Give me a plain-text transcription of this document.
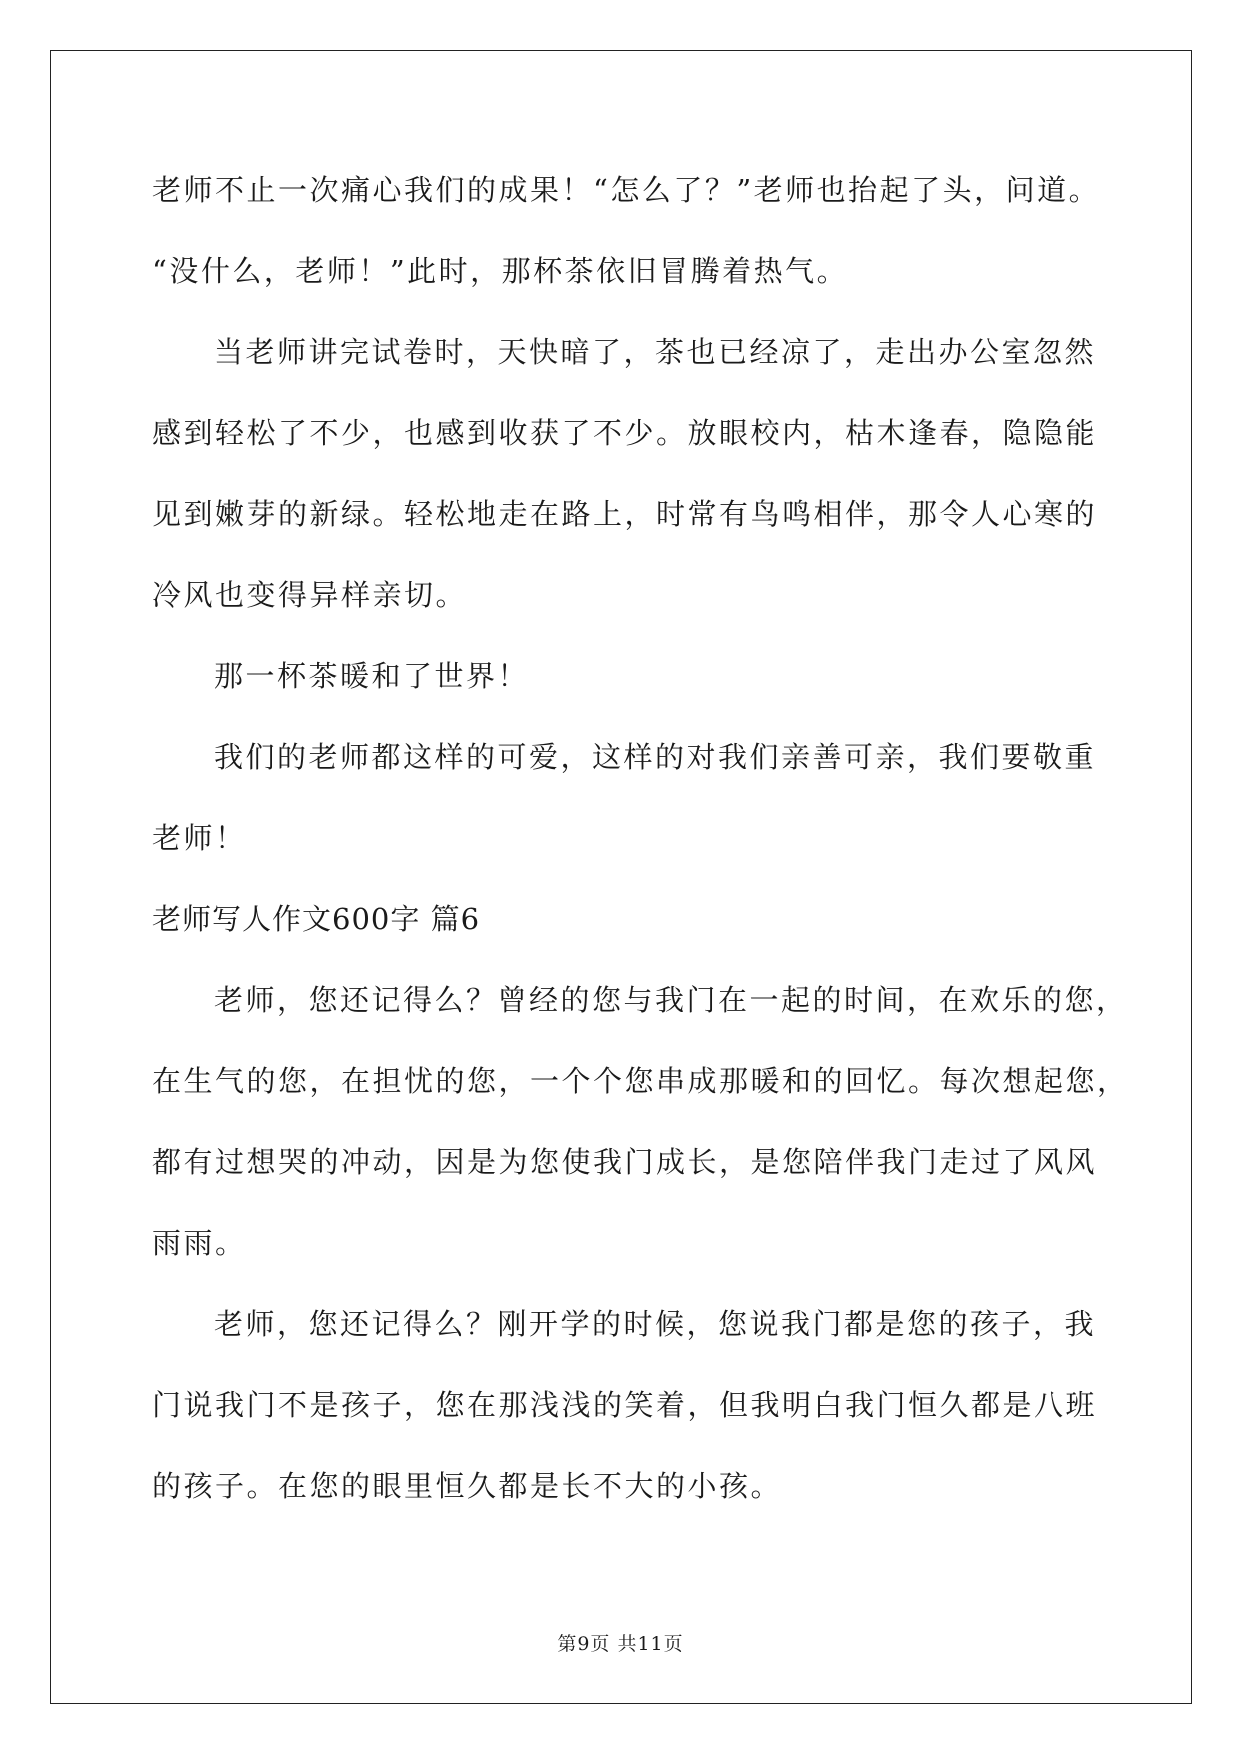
老师不止一次痛心我们的成果！“怎么了？”老师也抬起了头，问道。
“没什么，老师！”此时，那杯茶依旧冒腾着热气。
当老师讲完试卷时，天快暗了，茶也已经凉了，走出办公室忽然
感到轻松了不少，也感到收获了不少。放眼校内，枯木逢春，隐隐能
见到嫩芽的新绿。轻松地走在路上，时常有鸟鸣相伴，那令人心寒的
冷风也变得异样亲切。
那一杯茶暖和了世界！
我们的老师都这样的可爱，这样的对我们亲善可亲，我们要敬重
老师！
老师写人作文600字 篇6
老师，您还记得么？曾经的您与我门在一起的时间，在欢乐的您，
在生气的您，在担忧的您，一个个您串成那暖和的回忆。每次想起您，
都有过想哭的冲动，因是为您使我门成长，是您陪伴我门走过了风风
雨雨。
老师，您还记得么？刚开学的时候，您说我门都是您的孩子，我
门说我门不是孩子，您在那浅浅的笑着，但我明白我门恒久都是八班
的孩子。在您的眼里恒久都是长不大的小孩。
第9页 共11页
